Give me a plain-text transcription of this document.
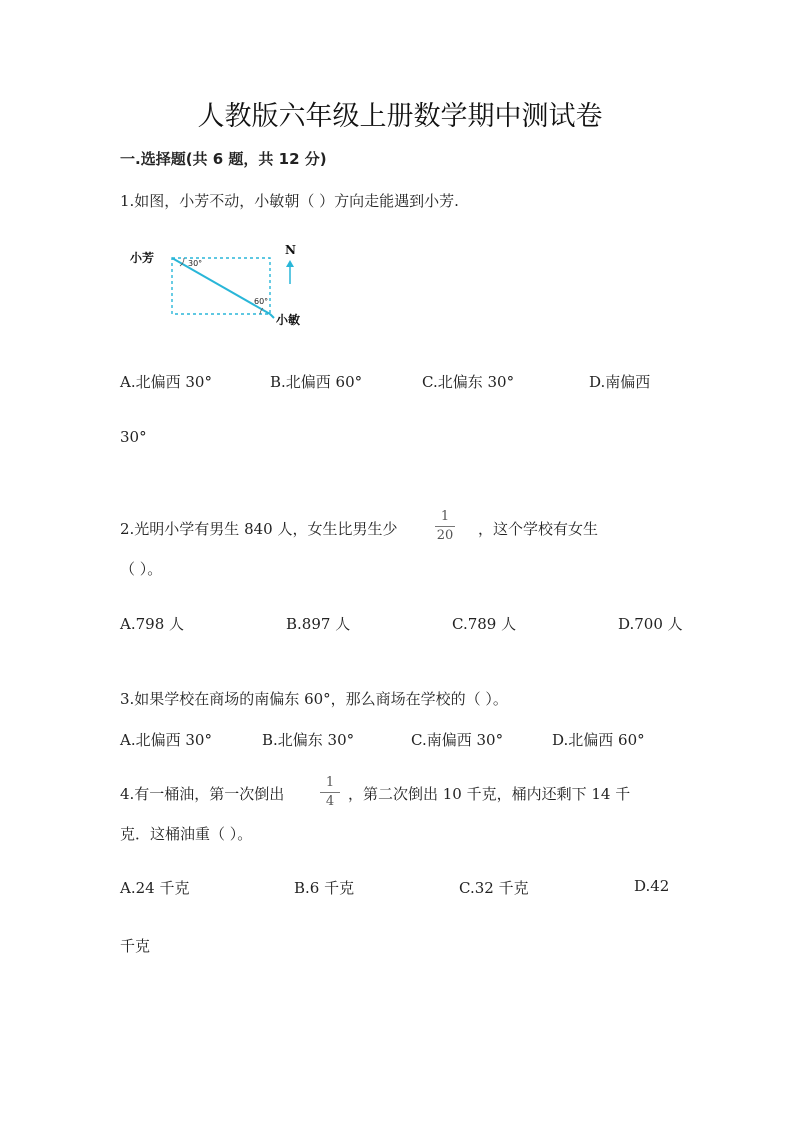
人教版六年级上册数学期中测试卷
一.选择题(共 6 题，共 12 分)
1.如图，小芳不动，小敏朝（ ）方向走能遇到小芳.
30°
60°
小芳
小敏
N
A.北偏西 30°	B.北偏西 60°	C.北偏东 30°	D.南偏西
30°
2.光明小学有男生 840 人，女生比男生少
1
20 ，这个学校有女生
（ ）。
A.798 人	B.897 人	C.789 人	D.700 人
3.如果学校在商场的南偏东 60°，那么商场在学校的（ ）。
A.北偏西 30°	B.北偏东 30°	C.南偏西 30°	D.北偏西 60°
4.有一桶油，第一次倒出
1
4 ，第二次倒出 10 千克，桶内还剩下 14 千
克．这桶油重（ ）。
A.24 千克	B.6 千克	C.32 千克	D.42
千克
